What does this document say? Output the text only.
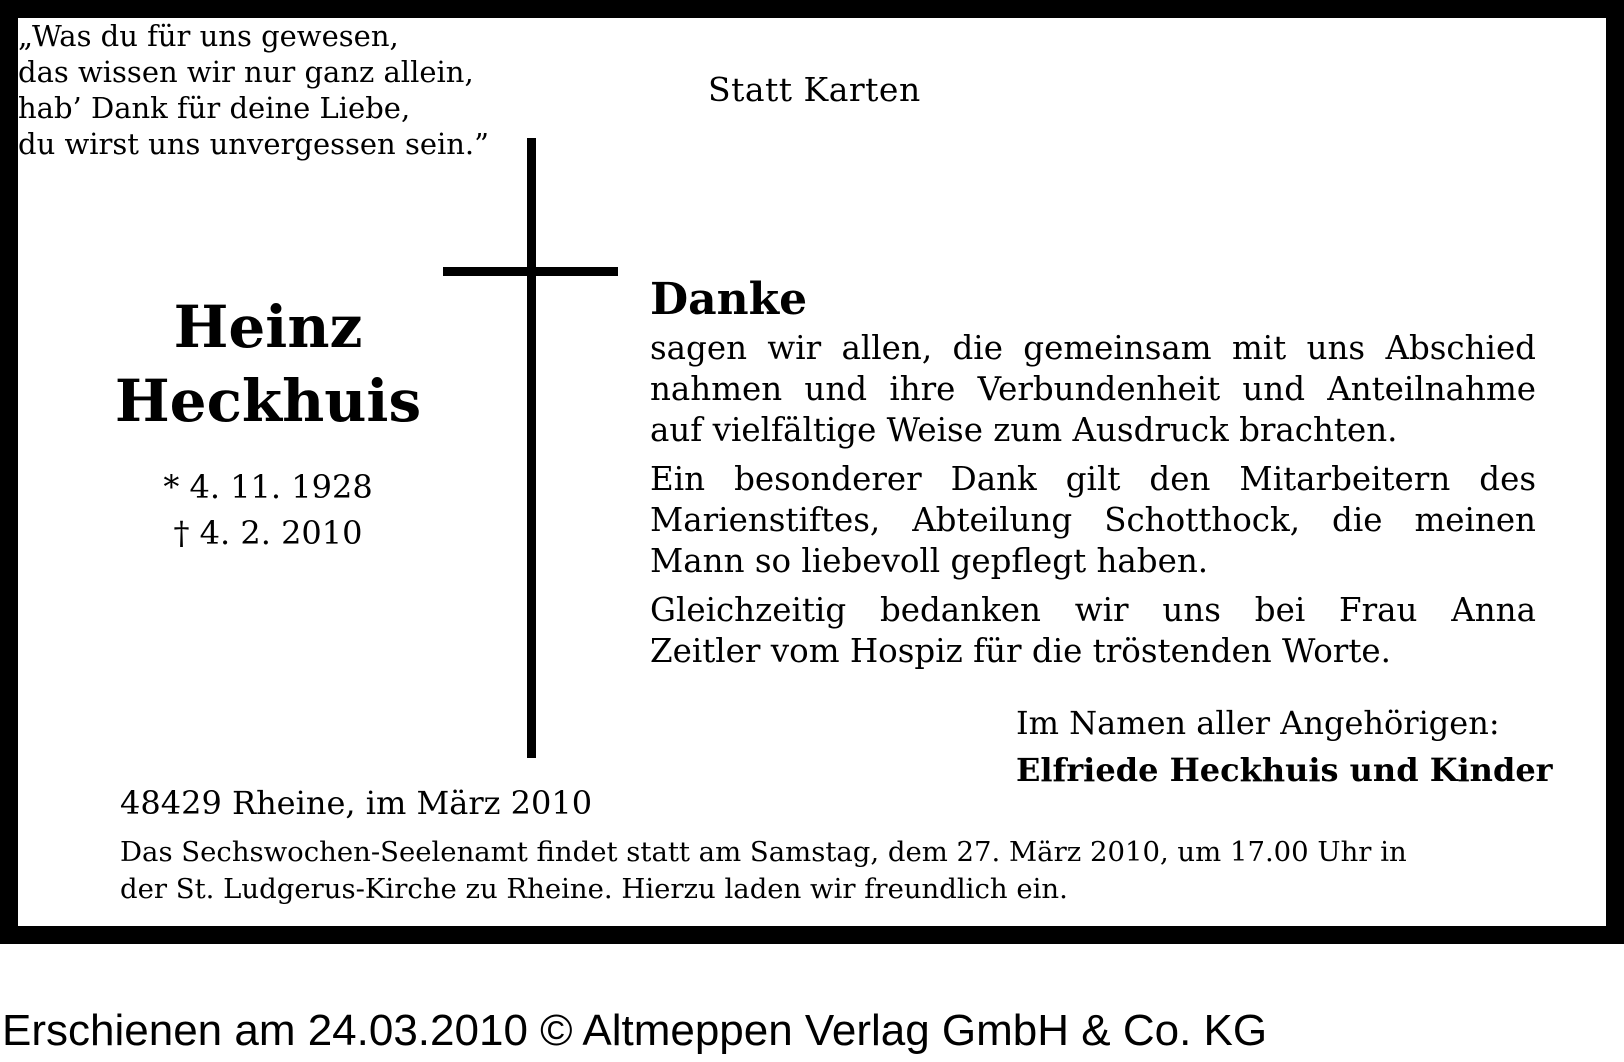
Statt Karten
„Was du für uns gewesen,
das wissen wir nur ganz allein,
hab’ Dank für deine Liebe,
du wirst uns unvergessen sein.”
Heinz
Heckhuis
* 4. 11. 1928
† 4. 2. 2010
Danke
sagen wir allen, die gemeinsam mit uns Abschied
nahmen und ihre Verbundenheit und Anteilnahme
auf vielfältige Weise zum Ausdruck brachten.
Ein besonderer Dank gilt den Mitarbeitern des
Marienstiftes, Abteilung Schotthock, die meinen
Mann so liebevoll gepflegt haben.
Gleichzeitig bedanken wir uns bei Frau Anna
Zeitler vom Hospiz für die tröstenden Worte.
Im Namen aller Angehörigen:
Elfriede Heckhuis und Kinder
48429 Rheine, im März 2010
Das Sechswochen-Seelenamt findet statt am Samstag, dem 27. März 2010, um 17.00 Uhr in
der St. Ludgerus-Kirche zu Rheine. Hierzu laden wir freundlich ein.
Erschienen am 24.03.2010 © Altmeppen Verlag GmbH & Co. KG
